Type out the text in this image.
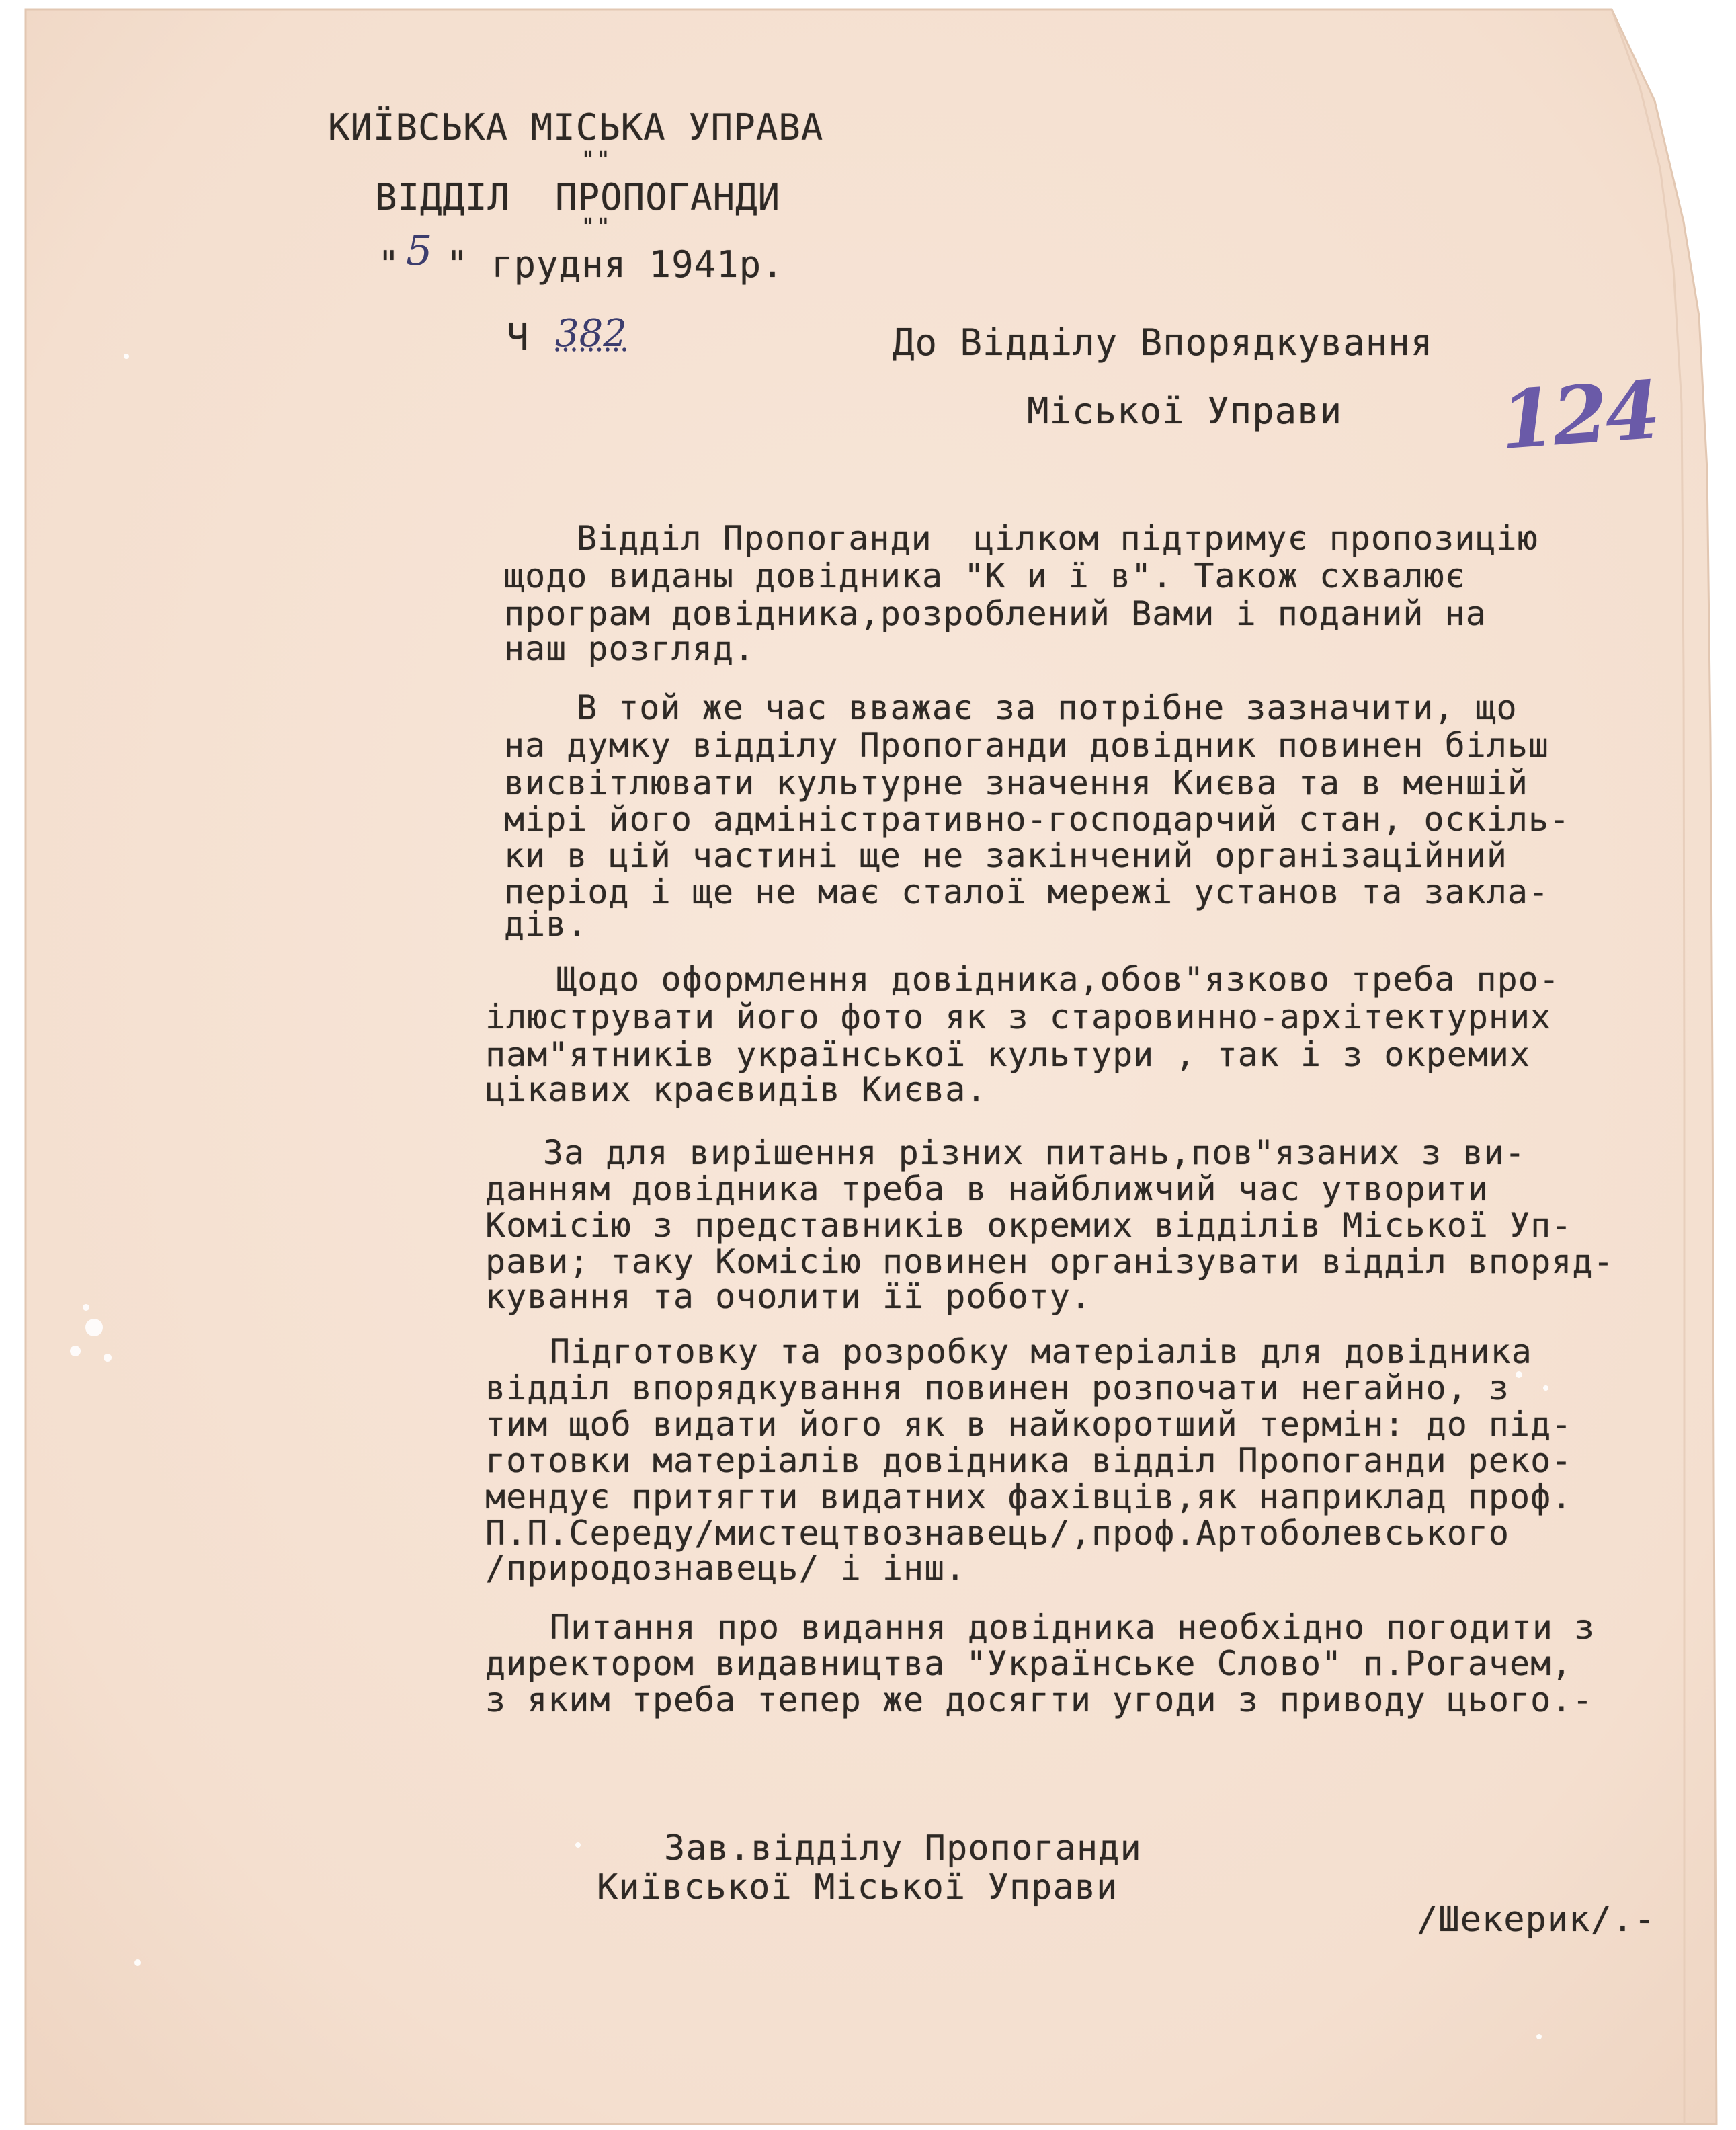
КИЇВСЬКА МІСЬКА УПРАВА
""
ВІДДІЛ  ПРОПОГАНДИ
""
" 5 " грудня 1941р.
Ч 382	До Відділу Впорядкування
Міської Управи 124
Відділ Пропоганди  цілком підтримує пропозицію
щодо виданы довідника "К и ї в". Також схвалює
програм довідника,розроблений Вами і поданий на
наш розгляд.
В той же час вважає за потрібне зазначити, що
на думку відділу Пропоганди довідник повинен більш
висвітлювати культурне значення Києва та в меншій
мірі його адміністративно-господарчий стан, оскіль-
ки в цій частині ще не закінчений організаційний
період і ще не має сталої мережі установ та закла-
дів.
Щодо оформлення довідника,обов"язково треба про-
ілюструвати його фото як з старовинно-архітектурних
пам"ятників української культури , так і з окремих
цікавих краєвидів Києва.
За для вирішення різних питань,пов"язаних з ви-
данням довідника треба в найближчий час утворити
Комісію з представників окремих відділів Міської Уп-
рави; таку Комісію повинен організувати відділ впоряд-
кування та очолити її роботу.
Підготовку та розробку матеріалів для довідника
відділ впорядкування повинен розпочати негайно, з
тим щоб видати його як в найкоротший термін: до під-
готовки матеріалів довідника відділ Пропоганди реко-
мендує притягти видатних фахівців,як наприклад проф.
П.П.Середу/мистецтвознавець/,проф.Артоболевського
/природознавець/ і інш.
Питання про видання довідника необхідно погодити з
директором видавництва "Українське Слово" п.Рогачем,
з яким треба тепер же досягти угоди з приводу цього.-
Зав.відділу Пропоганди
Київської Міської Управи
/Шекерик/.-
